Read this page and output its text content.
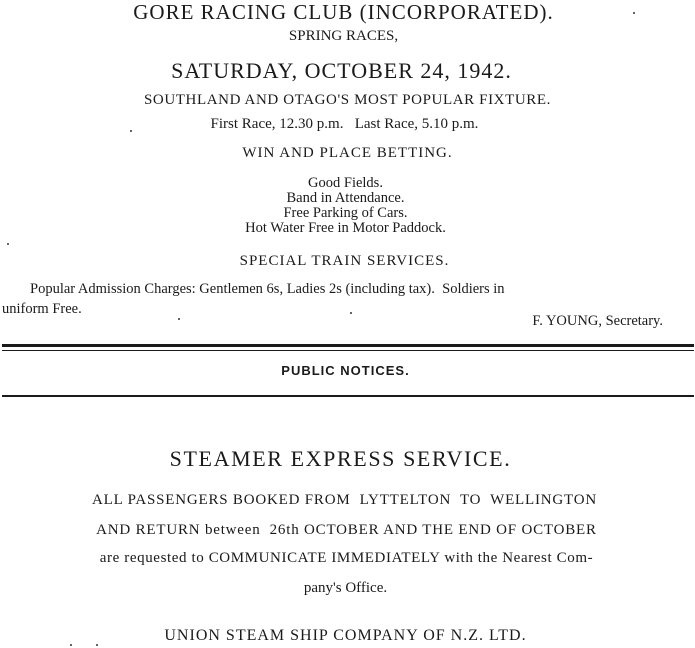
GORE RACING CLUB (INCORPORATED).
SPRING RACES,
SATURDAY, OCTOBER 24, 1942.
SOUTHLAND AND OTAGO'S MOST POPULAR FIXTURE.
First Race, 12.30 p.m.   Last Race, 5.10 p.m.
WIN AND PLACE BETTING.
Good Fields.
Band in Attendance.
Free Parking of Cars.
Hot Water Free in Motor Paddock.
SPECIAL TRAIN SERVICES.
Popular Admission Charges: Gentlemen 6s, Ladies 2s (including tax).  Soldiers in
uniform Free.
F. YOUNG, Secretary.
PUBLIC NOTICES.
STEAMER EXPRESS SERVICE.
ALL PASSENGERS BOOKED FROM  LYTTELTON  TO  WELLINGTON
AND RETURN between  26th OCTOBER AND THE END OF OCTOBER
are requested to COMMUNICATE IMMEDIATELY with the Nearest Com-
pany's Office.
UNION STEAM SHIP COMPANY OF N.Z. LTD.
